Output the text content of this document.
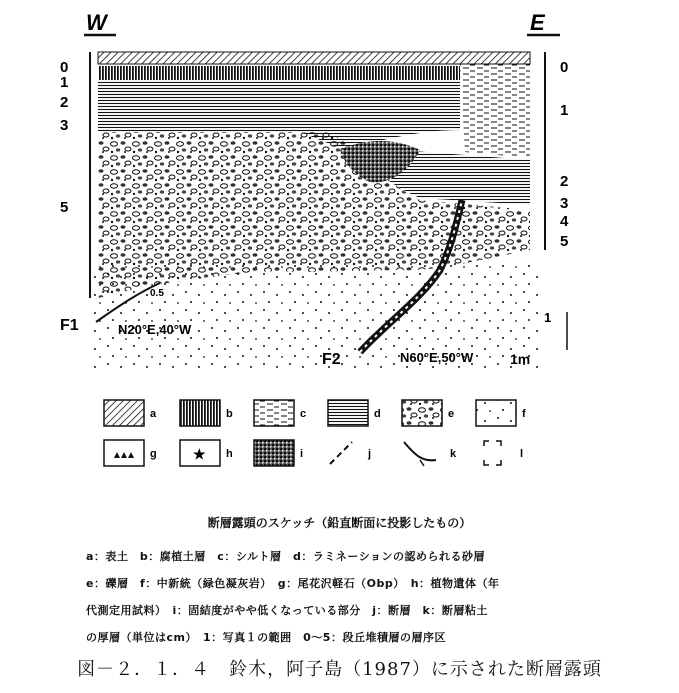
W	E
0
1
2
3
5
0
1
2
3
4
5
F1
0.5
N20°E,40°W
F2	N60°E,50°W
1
1m
a	b	c	d	e	f
g	★ h	i	j	k	l
断層露頭のスケッチ（鉛直断面に投影したもの）
a：表土　b：腐植土層　c：シルト層　d：ラミネーションの認められる砂層
e：礫層　f：中新統（緑色凝灰岩）　g：尾花沢軽石（Obp）　h：植物遺体（年
代測定用試料）　i：固結度がやや低くなっている部分　j：断層　k：断層粘土
の厚層（単位はcm）　1：写真１の範囲　0～5：段丘堆積層の層序区
図－２．１．４　鈴木，阿子島（1987）に示された断層露頭
